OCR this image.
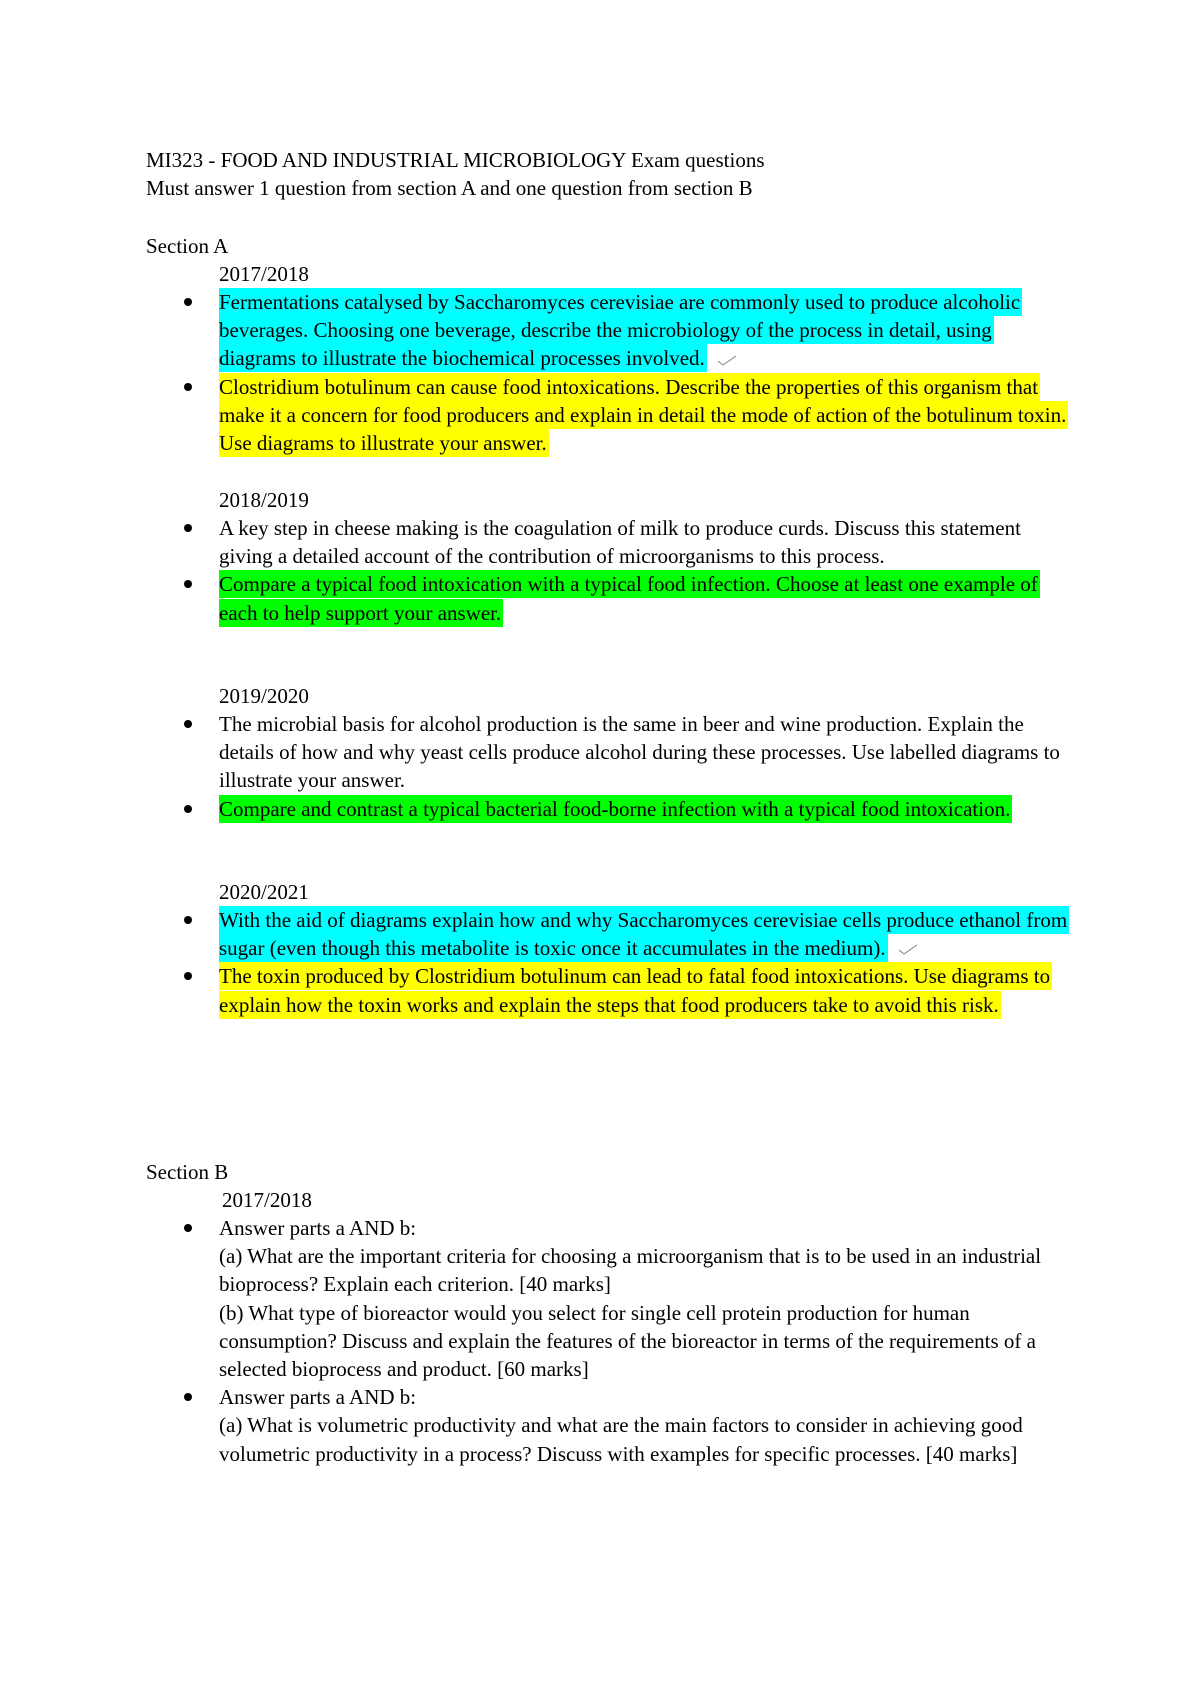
MI323 - FOOD AND INDUSTRIAL MICROBIOLOGY Exam questions
Must answer 1 question from section A and one question from section B
Section A
2017/2018
Fermentations catalysed by Saccharomyces cerevisiae are commonly used to produce alcoholic beverages. Choosing one beverage, describe the microbiology of the process in detail, using diagrams to illustrate the biochemical processes involved.
Clostridium botulinum can cause food intoxications. Describe the properties of this organism that make it a concern for food producers and explain in detail the mode of action of the botulinum toxin. Use diagrams to illustrate your answer.
2018/2019
A key step in cheese making is the coagulation of milk to produce curds. Discuss this statement giving a detailed account of the contribution of microorganisms to this process.
Compare a typical food intoxication with a typical food infection. Choose at least one example of each to help support your answer.
2019/2020
The microbial basis for alcohol production is the same in beer and wine production. Explain the details of how and why yeast cells produce alcohol during these processes. Use labelled diagrams to illustrate your answer.
Compare and contrast a typical bacterial food-borne infection with a typical food intoxication.
2020/2021
With the aid of diagrams explain how and why Saccharomyces cerevisiae cells produce ethanol from sugar (even though this metabolite is toxic once it accumulates in the medium).
The toxin produced by Clostridium botulinum can lead to fatal food intoxications. Use diagrams to explain how the toxin works and explain the steps that food producers take to avoid this risk.
Section B
2017/2018
Answer parts a AND b:
(a) What are the important criteria for choosing a microorganism that is to be used in an industrial bioprocess? Explain each criterion. [40 marks]
(b) What type of bioreactor would you select for single cell protein production for human consumption? Discuss and explain the features of the bioreactor in terms of the requirements of a selected bioprocess and product. [60 marks]
Answer parts a AND b:
(a) What is volumetric productivity and what are the main factors to consider in achieving good volumetric productivity in a process? Discuss with examples for specific processes. [40 marks]
